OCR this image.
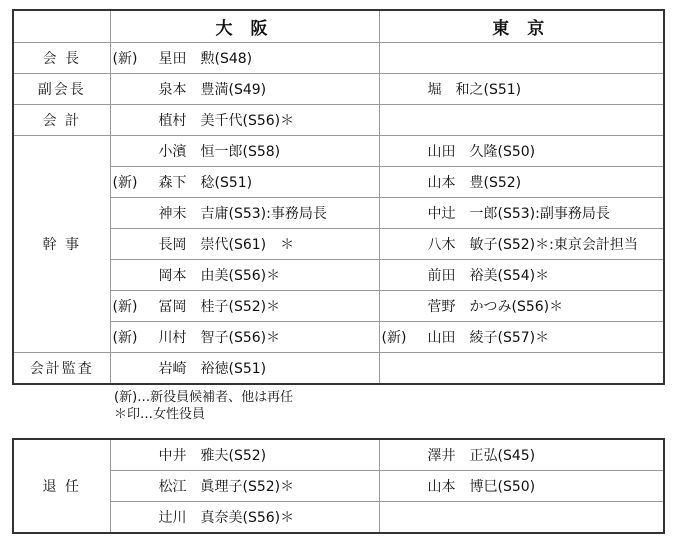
	大 阪	東 京
会 長	(新) 星田　勲(S48)	
副会長	泉本　豊満(S49)	堀　和之(S51)
会 計	植村　美千代(S56)＊	
幹 事	小濱　恒一郎(S58)	山田　久隆(S50)
	(新) 森下　稔(S51)	山本　豊(S52)
	神末　吉庸(S53):事務局長	中辻　一郎(S53):副事務局長
	長岡　崇代(S61)　＊	八木　敏子(S52)＊:東京会計担当
	岡本　由美(S56)＊	前田　裕美(S54)＊
	(新) 冨岡　桂子(S52)＊	菅野　かつみ(S56)＊
	(新) 川村　智子(S56)＊	(新) 山田　綾子(S57)＊
会計監査	岩崎　裕徳(S51)	
(新)…新役員候補者、他は再任
＊印…女性役員
退 任	中井　雅夫(S52)	澤井　正弘(S45)
	松江　眞理子(S52)＊	山本　博巳(S50)
	辻川　真奈美(S56)＊	
